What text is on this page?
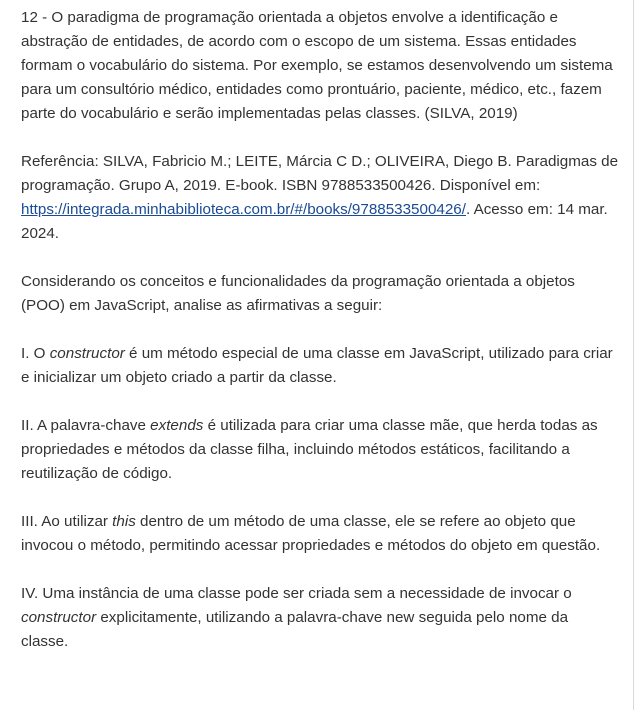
12 - O paradigma de programação orientada a objetos envolve a identificação e abstração de entidades, de acordo com o escopo de um sistema. Essas entidades formam o vocabulário do sistema. Por exemplo, se estamos desenvolvendo um sistema para um consultório médico, entidades como prontuário, paciente, médico, etc., fazem parte do vocabulário e serão implementadas pelas classes. (SILVA, 2019)

Referência: SILVA, Fabricio M.; LEITE, Márcia C D.; OLIVEIRA, Diego B. Paradigmas de programação. Grupo A, 2019. E-book. ISBN 9788533500426. Disponível em: https://integrada.minhabiblioteca.com.br/#/books/9788533500426/. Acesso em: 14 mar. 2024.

Considerando os conceitos e funcionalidades da programação orientada a objetos (POO) em JavaScript, analise as afirmativas a seguir:

I. O constructor é um método especial de uma classe em JavaScript, utilizado para criar e inicializar um objeto criado a partir da classe.

II. A palavra-chave extends é utilizada para criar uma classe mãe, que herda todas as propriedades e métodos da classe filha, incluindo métodos estáticos, facilitando a reutilização de código.

III. Ao utilizar this dentro de um método de uma classe, ele se refere ao objeto que invocou o método, permitindo acessar propriedades e métodos do objeto em questão.

IV. Uma instância de uma classe pode ser criada sem a necessidade de invocar o constructor explicitamente, utilizando a palavra-chave new seguida pelo nome da classe.
